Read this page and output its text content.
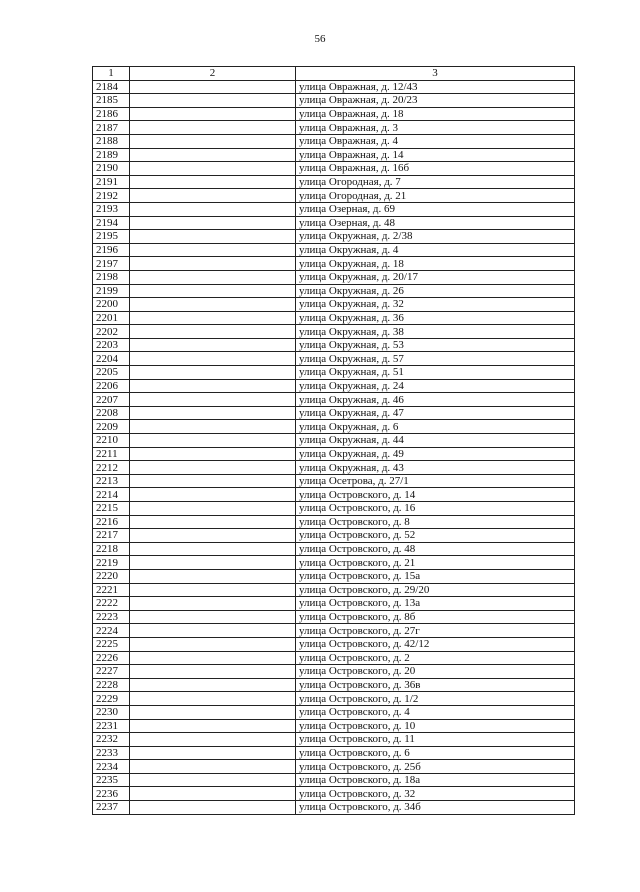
56
1	2	3
2184		улица Овражная, д. 12/43
2185		улица Овражная, д. 20/23
2186		улица Овражная, д. 18
2187		улица Овражная, д. 3
2188		улица Овражная, д. 4
2189		улица Овражная, д. 14
2190		улица Овражная, д. 16б
2191		улица Огородная, д. 7
2192		улица Огородная, д. 21
2193		улица Озерная, д. 69
2194		улица Озерная, д. 48
2195		улица Окружная, д. 2/38
2196		улица Окружная, д. 4
2197		улица Окружная, д. 18
2198		улица Окружная, д. 20/17
2199		улица Окружная, д. 26
2200		улица Окружная, д. 32
2201		улица Окружная, д. 36
2202		улица Окружная, д. 38
2203		улица Окружная, д. 53
2204		улица Окружная, д. 57
2205		улица Окружная, д. 51
2206		улица Окружная, д. 24
2207		улица Окружная, д. 46
2208		улица Окружная, д. 47
2209		улица Окружная, д. 6
2210		улица Окружная, д. 44
2211		улица Окружная, д. 49
2212		улица Окружная, д. 43
2213		улица Осетрова, д. 27/1
2214		улица Островского, д. 14
2215		улица Островского, д. 16
2216		улица Островского, д. 8
2217		улица Островского, д. 52
2218		улица Островского, д. 48
2219		улица Островского, д. 21
2220		улица Островского, д. 15а
2221		улица Островского, д. 29/20
2222		улица Островского, д. 13а
2223		улица Островского, д. 8б
2224		улица Островского, д. 27г
2225		улица Островского, д. 42/12
2226		улица Островского, д. 2
2227		улица Островского, д. 20
2228		улица Островского, д. 36в
2229		улица Островского, д. 1/2
2230		улица Островского, д. 4
2231		улица Островского, д. 10
2232		улица Островского, д. 11
2233		улица Островского, д. 6
2234		улица Островского, д. 25б
2235		улица Островского, д. 18а
2236		улица Островского, д. 32
2237		улица Островского, д. 34б
